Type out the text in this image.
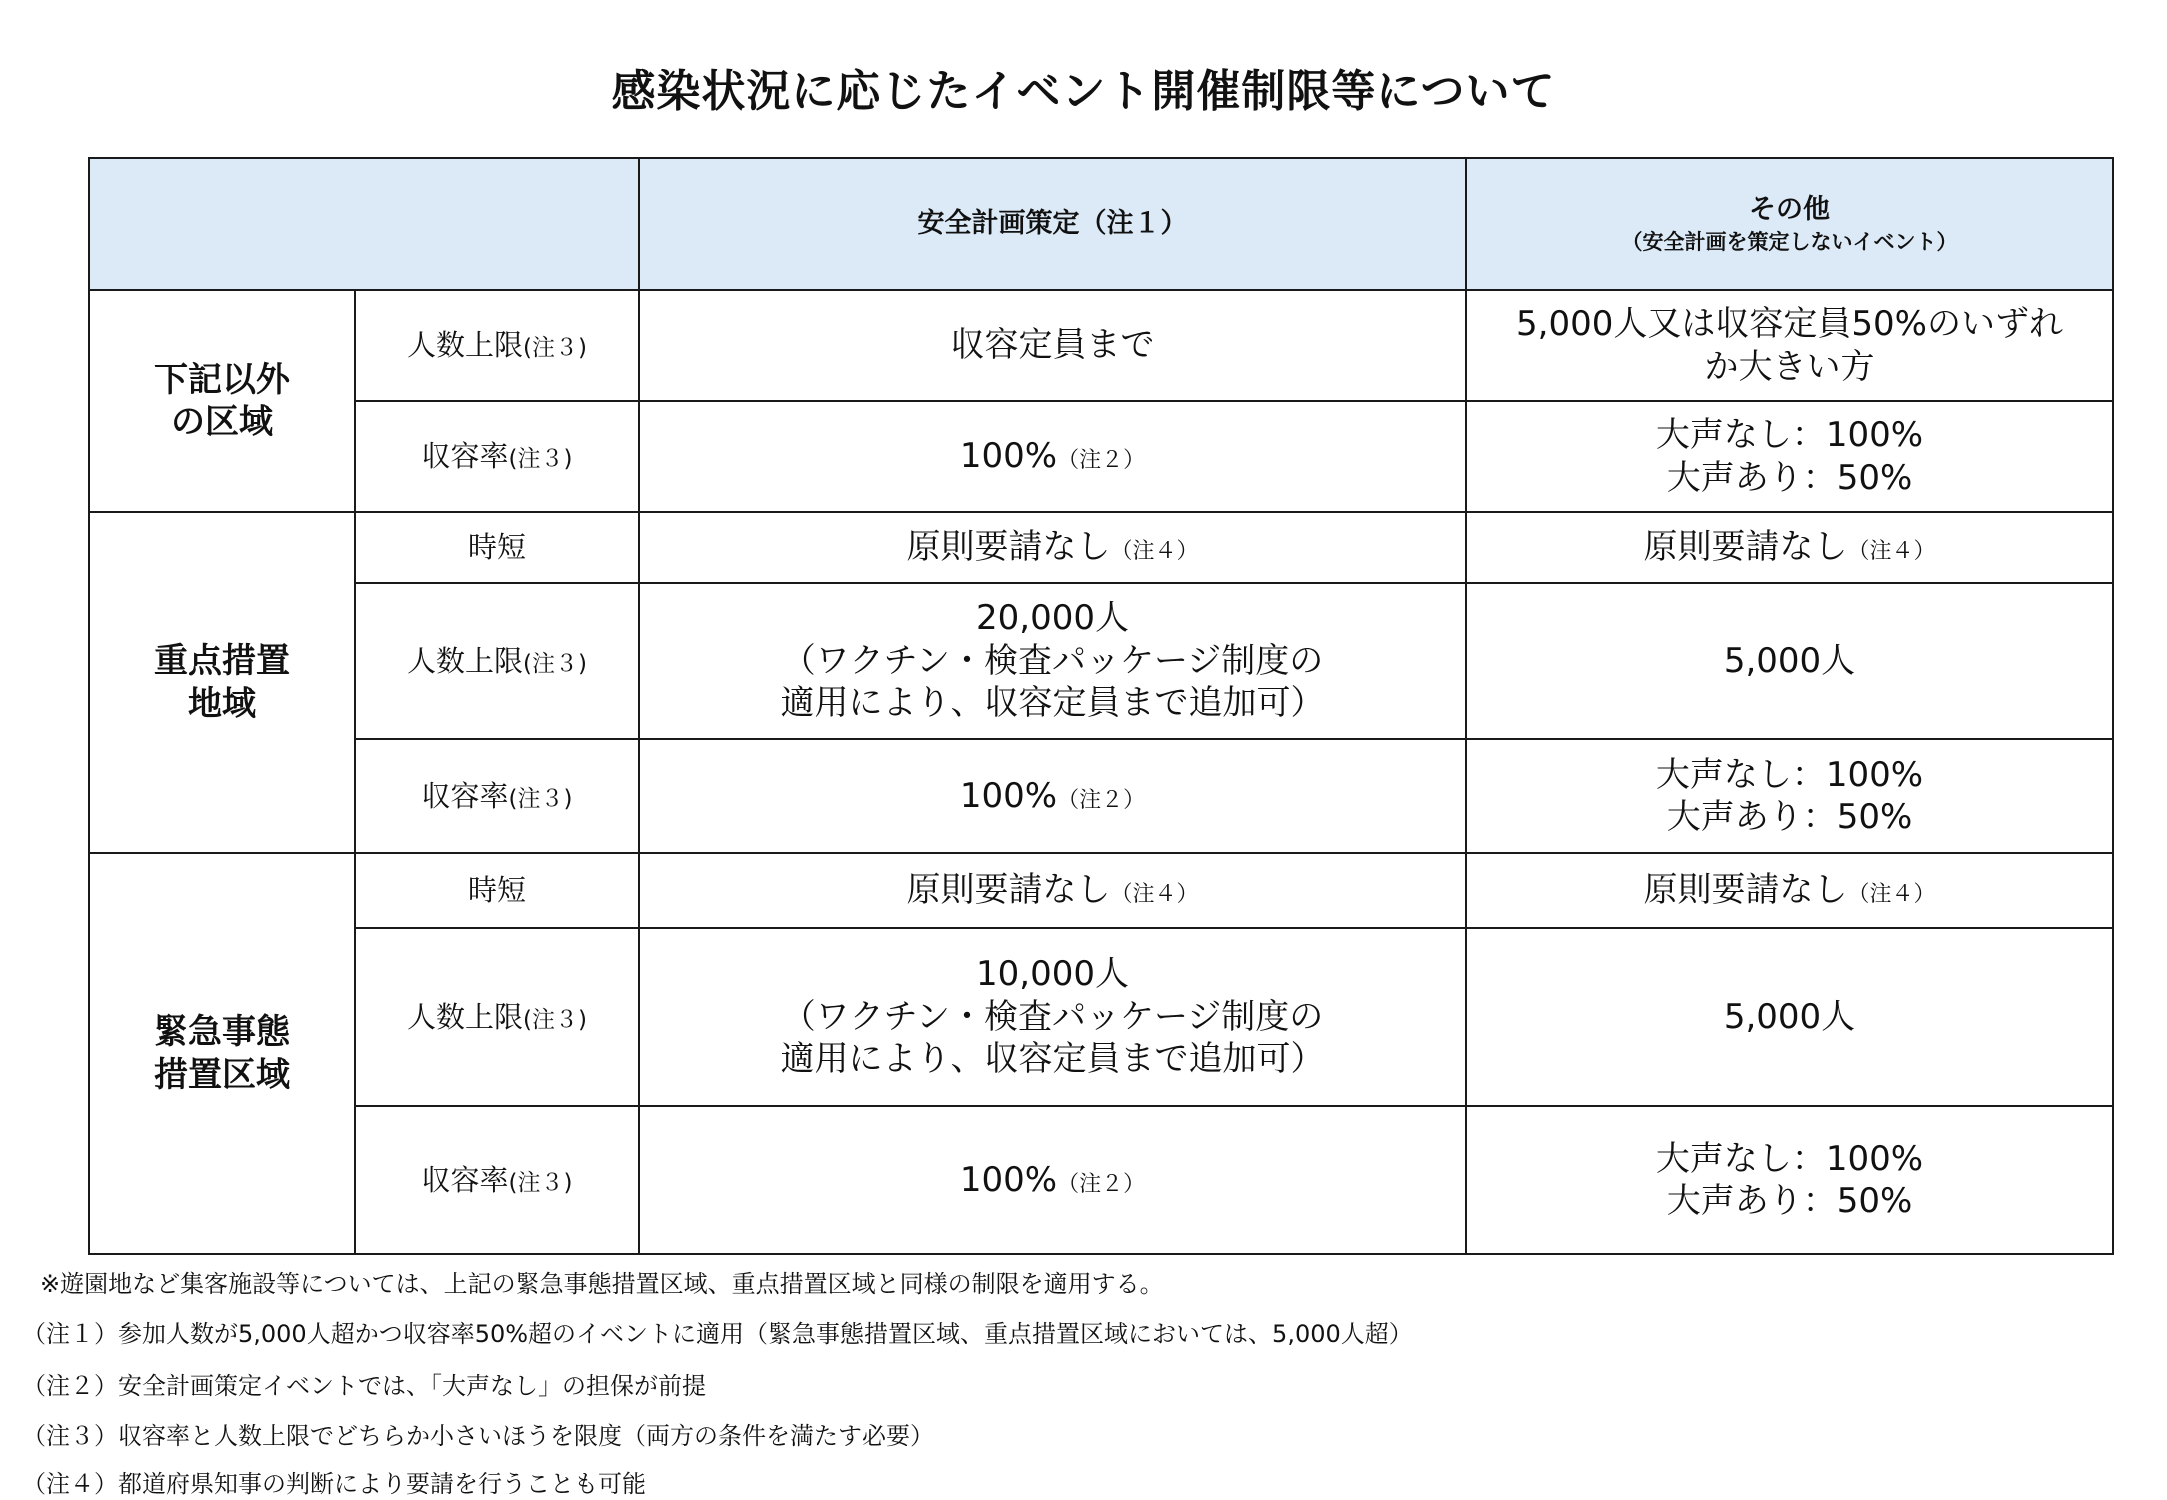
感染状況に応じたイベント開催制限等について
		安全計画策定（注１）	その他
（安全計画を策定しないイベント）

下記以外
の区域	人数上限(注３)	収容定員まで	5,000人又は収容定員50%のいずれ
か大きい方
	収容率(注３)	100%（注２）	大声なし：100%
大声あり：50%
重点措置
地域	時短	原則要請なし（注４）	原則要請なし（注４）
	人数上限(注３)	20,000人
（ワクチン・検査パッケージ制度の
適用により、収容定員まで追加可）	5,000人
	収容率(注３)	100%（注２）	大声なし：100%
大声あり：50%
緊急事態
措置区域	時短	原則要請なし（注４）	原則要請なし（注４）
	人数上限(注３)	10,000人
（ワクチン・検査パッケージ制度の
適用により、収容定員まで追加可）	5,000人
	収容率(注３)	100%（注２）	大声なし：100%
大声あり：50%
※遊園地など集客施設等については、上記の緊急事態措置区域、重点措置区域と同様の制限を適用する。
（注１）参加人数が5,000人超かつ収容率50%超のイベントに適用（緊急事態措置区域、重点措置区域においては、5,000人超）
（注２）安全計画策定イベントでは、「大声なし」の担保が前提
（注３）収容率と人数上限でどちらか小さいほうを限度（両方の条件を満たす必要）
（注４）都道府県知事の判断により要請を行うことも可能
